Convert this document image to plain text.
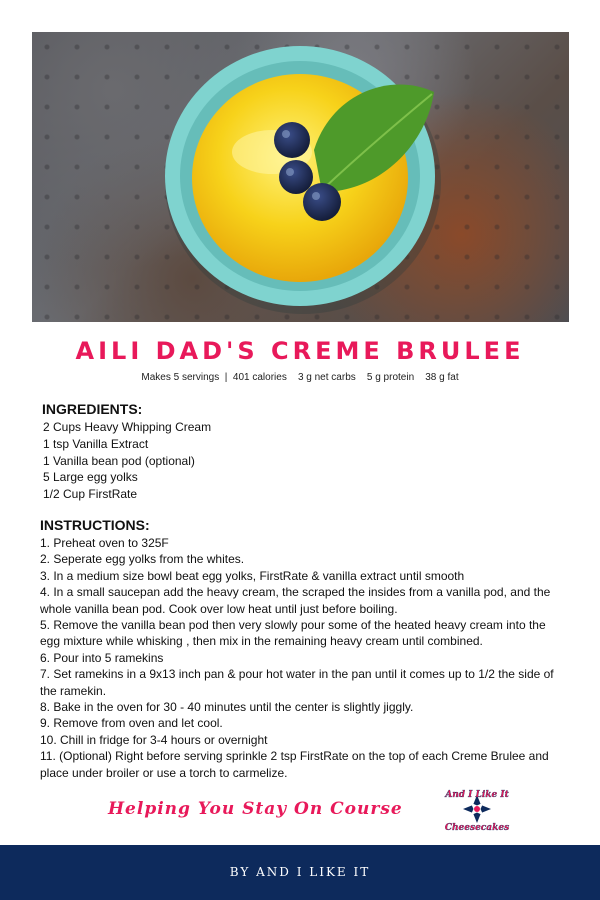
AILI DAD'S CREME BRULEE
Makes 5 servings  |  401 calories    3 g net carbs    5 g protein    38 g fat
INGREDIENTS:
2 Cups Heavy Whipping Cream
1 tsp Vanilla Extract
1 Vanilla bean pod (optional)
5 Large egg yolks
1/2 Cup FirstRate
INSTRUCTIONS:
1. Preheat oven to 325F
2. Seperate egg yolks from the whites.
3. In a medium size bowl beat egg yolks, FirstRate & vanilla extract until smooth
4. In a small saucepan add the heavy cream, the scraped the insides from a vanilla pod, and the whole vanilla bean pod. Cook over low heat until just before boiling.
5. Remove the vanilla bean pod then very slowly pour some of the heated heavy cream into the egg mixture while whisking , then mix in the remaining heavy cream until combined.
6. Pour into 5 ramekins
7. Set ramekins in a 9x13 inch pan & pour hot water in the pan until it comes up to 1/2 the side of the ramekin.
8. Bake in the oven for 30 - 40 minutes until the center is slightly jiggly.
9. Remove from oven and let cool.
10. Chill in fridge for 3-4 hours or overnight
11. (Optional) Right before serving sprinkle 2 tsp FirstRate on the top of each Creme Brulee and place under broiler or use a torch to carmelize.
Helping You Stay On Course
And I Like It
Cheesecakes
BY AND I LIKE IT
